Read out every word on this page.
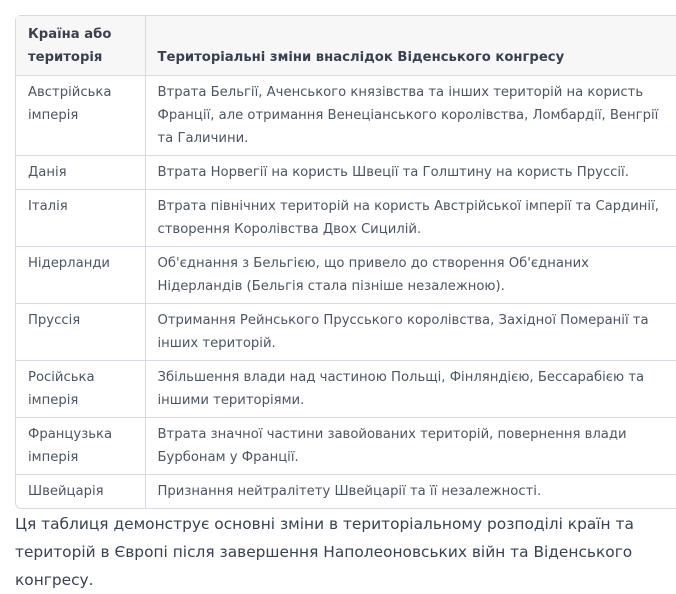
Країна або територія	Територіальні зміни внаслідок Віденського конгресу
Австрійська імперія	Втрата Бельгії, Аченського князівства та інших територій на користь Франції, але отримання Венеціанського королівства, Ломбардії, Венгрії та Галичини.
Данія	Втрата Норвегії на користь Швеції та Голштину на користь Пруссії.
Італія	Втрата північних територій на користь Австрійської імперії та Сардинії, створення Королівства Двох Сицилій.
Нідерланди	Об'єднання з Бельгією, що привело до створення Об'єднаних Нідерландів (Бельгія стала пізніше незалежною).
Пруссія	Отримання Рейнського Прусського королівства, Західної Померанії та інших територій.
Російська імперія	Збільшення влади над частиною Польщі, Фінляндією, Бессарабією та іншими територіями.
Французька імперія	Втрата значної частини завойованих територій, повернення влади Бурбонам у Франції.
Швейцарія	Признання нейтралітету Швейцарії та її незалежності.

Ця таблиця демонструє основні зміни в територіальному розподілі країн та територій в Європі після завершення Наполеоновських війн та Віденського конгресу.
